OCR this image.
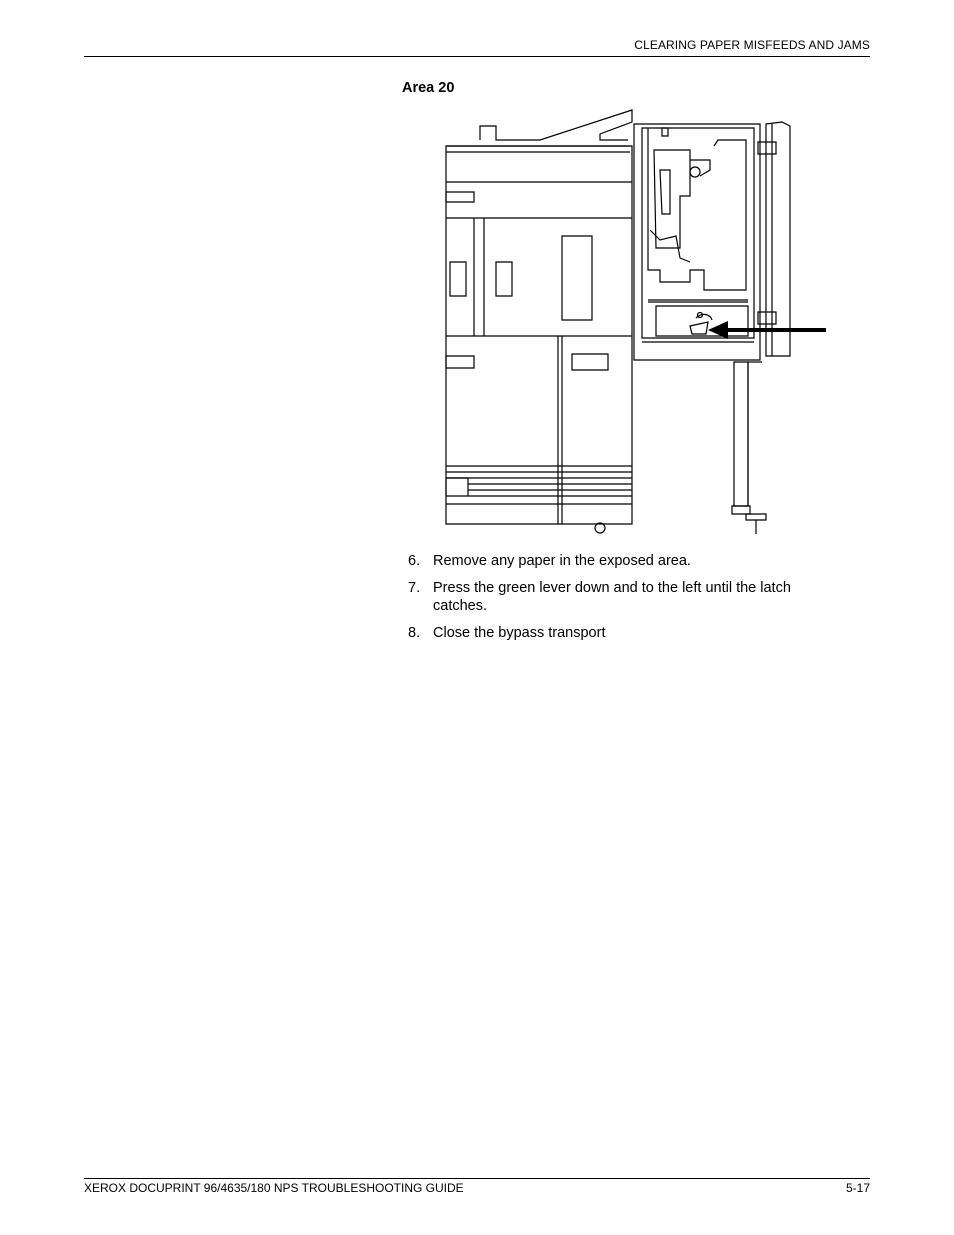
CLEARING PAPER MISFEEDS AND JAMS
Area 20
6. Remove any paper in the exposed area.
7. Press the green lever down and to the left until the latch catches.
8. Close the bypass transport
XEROX DOCUPRINT 96/4635/180 NPS TROUBLESHOOTING GUIDE	5-17
